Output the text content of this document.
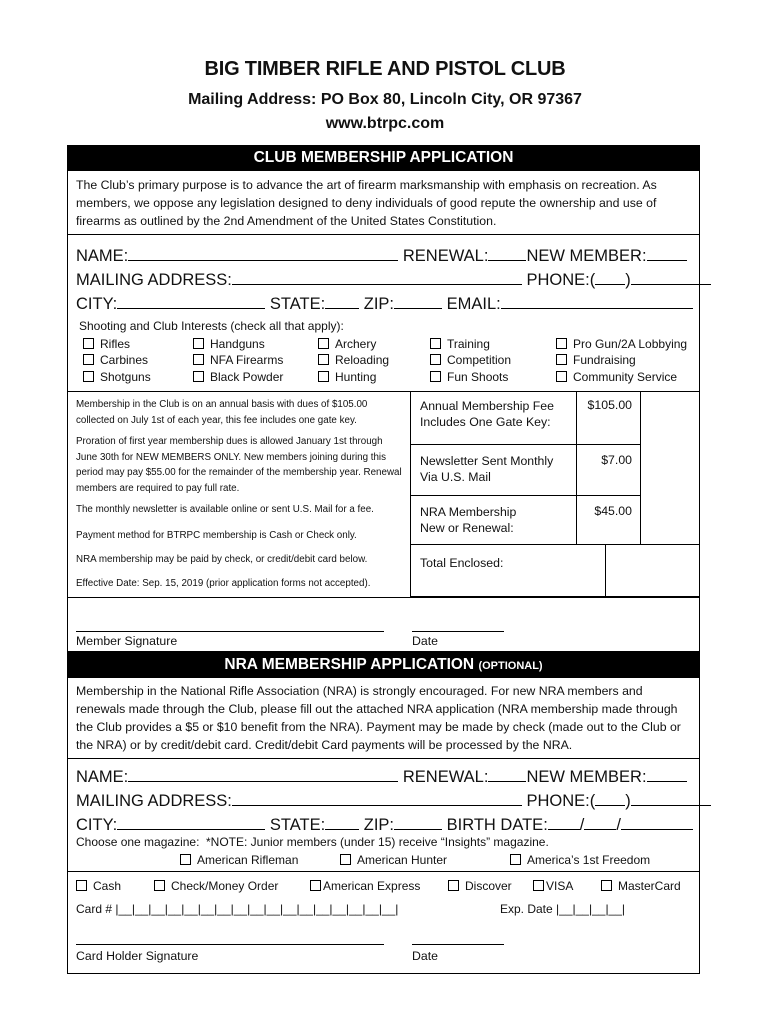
BIG TIMBER RIFLE AND PISTOL CLUB
Mailing Address: PO Box 80, Lincoln City, OR 97367
www.btrpc.com
CLUB MEMBERSHIP APPLICATION
The Club’s primary purpose is to advance the art of firearm marksmanship with emphasis on recreation. As members, we oppose any legislation designed to deny individuals of good repute the ownership and use of firearms as outlined by the 2nd Amendment of the United States Constitution.
NAME:	RENEWAL: NEW MEMBER:
MAILING ADDRESS:	PHONE:( )
CITY:	STATE: ZIP:	EMAIL:
Shooting and Club Interests (check all that apply):
Rifles
Carbines
Shotguns
Handguns
NFA Firearms
Black Powder
Archery
Reloading
Hunting
Training
Competition
Fun Shoots
Pro Gun/2A Lobbying
Fundraising
Community Service
Membership in the Club is on an annual basis with dues of $105.00 collected on July 1st of each year, this fee includes one gate key.
Proration of first year membership dues is allowed January 1st through June 30th for NEW MEMBERS ONLY. New members joining during this period may pay $55.00 for the remainder of the membership year. Renewal members are required to pay full rate.
The monthly newsletter is available online or sent U.S. Mail for a fee.
Payment method for BTRPC membership is Cash or Check only.
NRA membership may be paid by check, or credit/debit card below.
Effective Date: Sep. 15, 2019 (prior application forms not accepted).
Annual Membership Fee
Includes One Gate Key:
$105.00
Newsletter Sent Monthly
Via U.S. Mail
$7.00
NRA Membership
New or Renewal:
$45.00
Total Enclosed:
Member Signature	Date
NRA MEMBERSHIP APPLICATION (OPTIONAL)
Membership in the National Rifle Association (NRA) is strongly encouraged. For new NRA members and renewals made through the Club, please fill out the attached NRA application (NRA membership made through the Club provides a $5 or $10 benefit from the NRA). Payment may be made by check (made out to the Club or the NRA) or by credit/debit card. Credit/debit Card payments will be processed by the NRA.
NAME:	RENEWAL: NEW MEMBER:
MAILING ADDRESS:	PHONE:( )
CITY:	STATE: ZIP:	BIRTH DATE: / /
Choose one magazine: *NOTE: Junior members (under 15) receive “Insights” magazine.
American Rifleman	American Hunter	America’s 1st Freedom
Cash	Check/Money Order	American Express	Discover	VISA	MasterCard
Card # |__|__|__|__|__|__|__|__|__|__|__|__|__|__|__|__|__|	Exp. Date |__|__|__|__|
Card Holder Signature	Date
